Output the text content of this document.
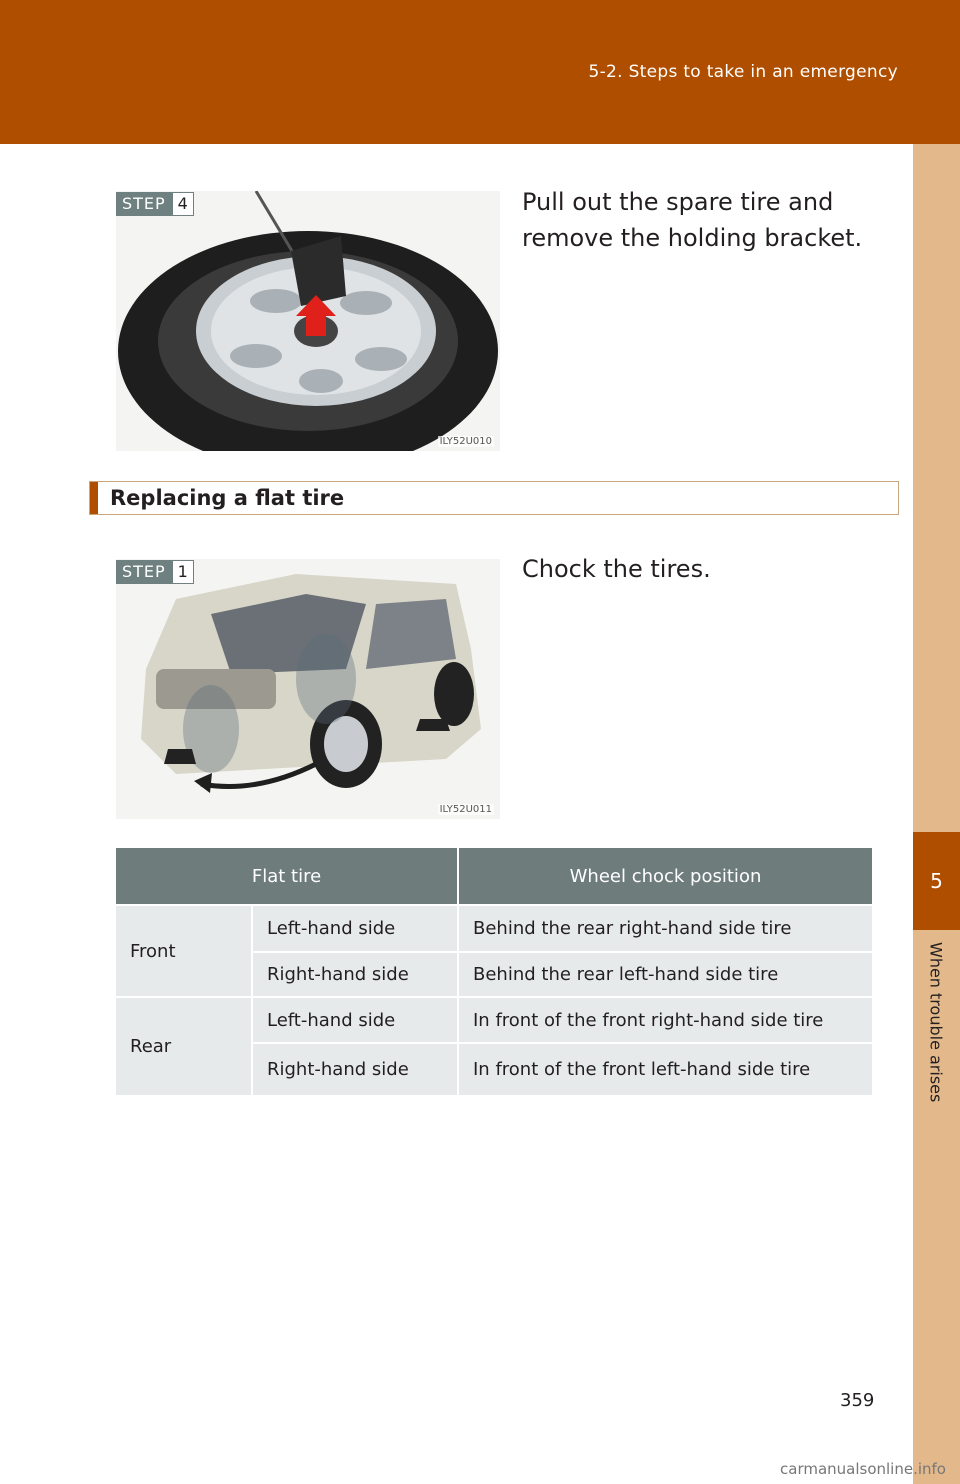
5-2. Steps to take in an emergency
5
When trouble arises
STEP 4
ILY52U010
Pull out the spare tire and remove the holding bracket.
Replacing a flat tire
STEP 1
ILY52U011
Chock the tires.
Flat tire		Wheel chock position
Front	Left-hand side	Behind the rear right-hand side tire
	Right-hand side	Behind the rear left-hand side tire
Rear	Left-hand side	In front of the front right-hand side tire
	Right-hand side	In front of the front left-hand side tire
359
carmanualsonline.info
